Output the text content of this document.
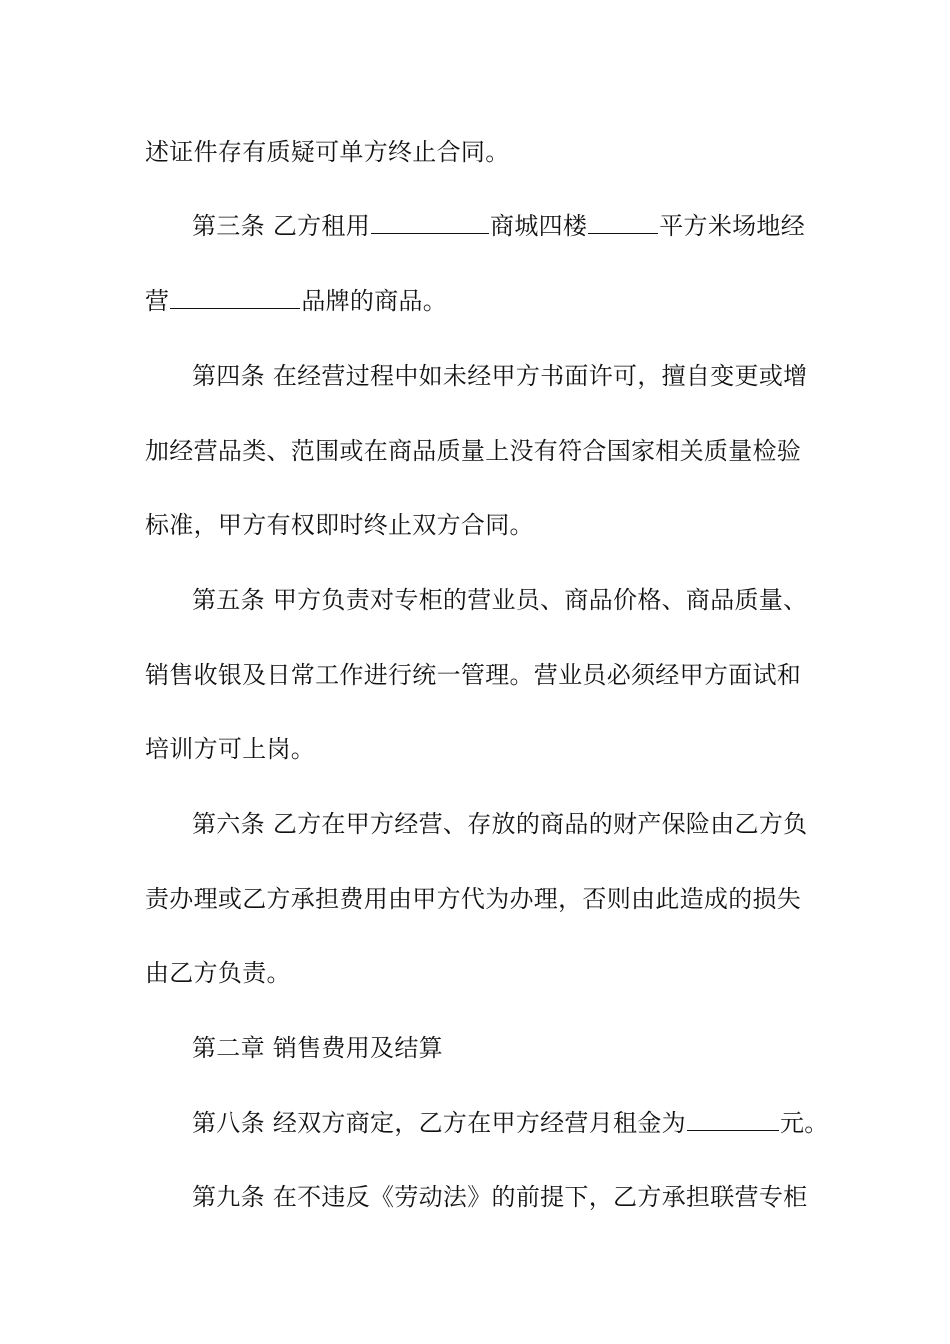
述证件存有质疑可单方终止合同。
第三条 乙方租用	商城四楼	平方米场地经
营	品牌的商品。
第四条 在经营过程中如未经甲方书面许可，擅自变更或增
加经营品类、范围或在商品质量上没有符合国家相关质量检验
标准，甲方有权即时终止双方合同。
第五条 甲方负责对专柜的营业员、商品价格、商品质量、
销售收银及日常工作进行统一管理。营业员必须经甲方面试和
培训方可上岗。
第六条 乙方在甲方经营、存放的商品的财产保险由乙方负
责办理或乙方承担费用由甲方代为办理，否则由此造成的损失
由乙方负责。
第二章 销售费用及结算
第八条 经双方商定，乙方在甲方经营月租金为	元。
第九条 在不违反《劳动法》的前提下，乙方承担联营专柜
